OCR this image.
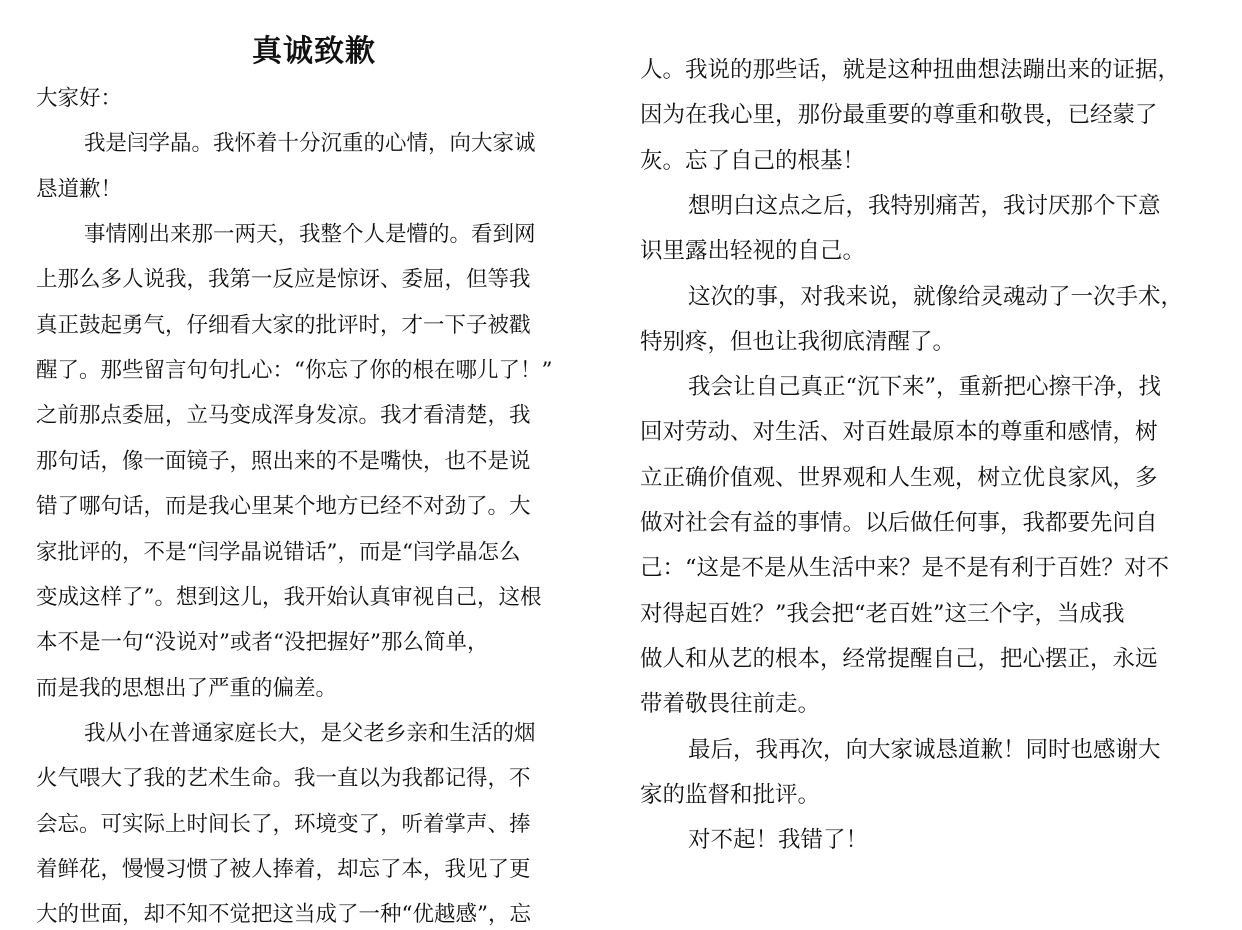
真诚致歉
大家好：
我是闫学晶。我怀着十分沉重的心情，向大家诚
恳道歉！
事情刚出来那一两天，我整个人是懵的。看到网
上那么多人说我，我第一反应是惊讶、委屈，但等我
真正鼓起勇气，仔细看大家的批评时，才一下子被戳
醒了。那些留言句句扎心：“你忘了你的根在哪儿了！”
之前那点委屈，立马变成浑身发凉。我才看清楚，我
那句话，像一面镜子，照出来的不是嘴快，也不是说
错了哪句话，而是我心里某个地方已经不对劲了。大
家批评的，不是“闫学晶说错话”，而是“闫学晶怎么
变成这样了”。想到这儿，我开始认真审视自己，这根
本不是一句“没说对”或者“没把握好”那么简单，
而是我的思想出了严重的偏差。
我从小在普通家庭长大，是父老乡亲和生活的烟
火气喂大了我的艺术生命。我一直以为我都记得，不
会忘。可实际上时间长了，环境变了，听着掌声、捧
着鲜花，慢慢习惯了被人捧着，却忘了本，我见了更
大的世面，却不知不觉把这当成了一种“优越感”，忘
人。我说的那些话，就是这种扭曲想法蹦出来的证据，
因为在我心里，那份最重要的尊重和敬畏，已经蒙了
灰。忘了自己的根基！
想明白这点之后，我特别痛苦，我讨厌那个下意
识里露出轻视的自己。
这次的事，对我来说，就像给灵魂动了一次手术，
特别疼，但也让我彻底清醒了。
我会让自己真正“沉下来”，重新把心擦干净，找
回对劳动、对生活、对百姓最原本的尊重和感情，树
立正确价值观、世界观和人生观，树立优良家风，多
做对社会有益的事情。以后做任何事，我都要先问自
己：“这是不是从生活中来？是不是有利于百姓？对不
对得起百姓？”我会把“老百姓”这三个字，当成我
做人和从艺的根本，经常提醒自己，把心摆正，永远
带着敬畏往前走。
最后，我再次，向大家诚恳道歉！同时也感谢大
家的监督和批评。
对不起！我错了！
